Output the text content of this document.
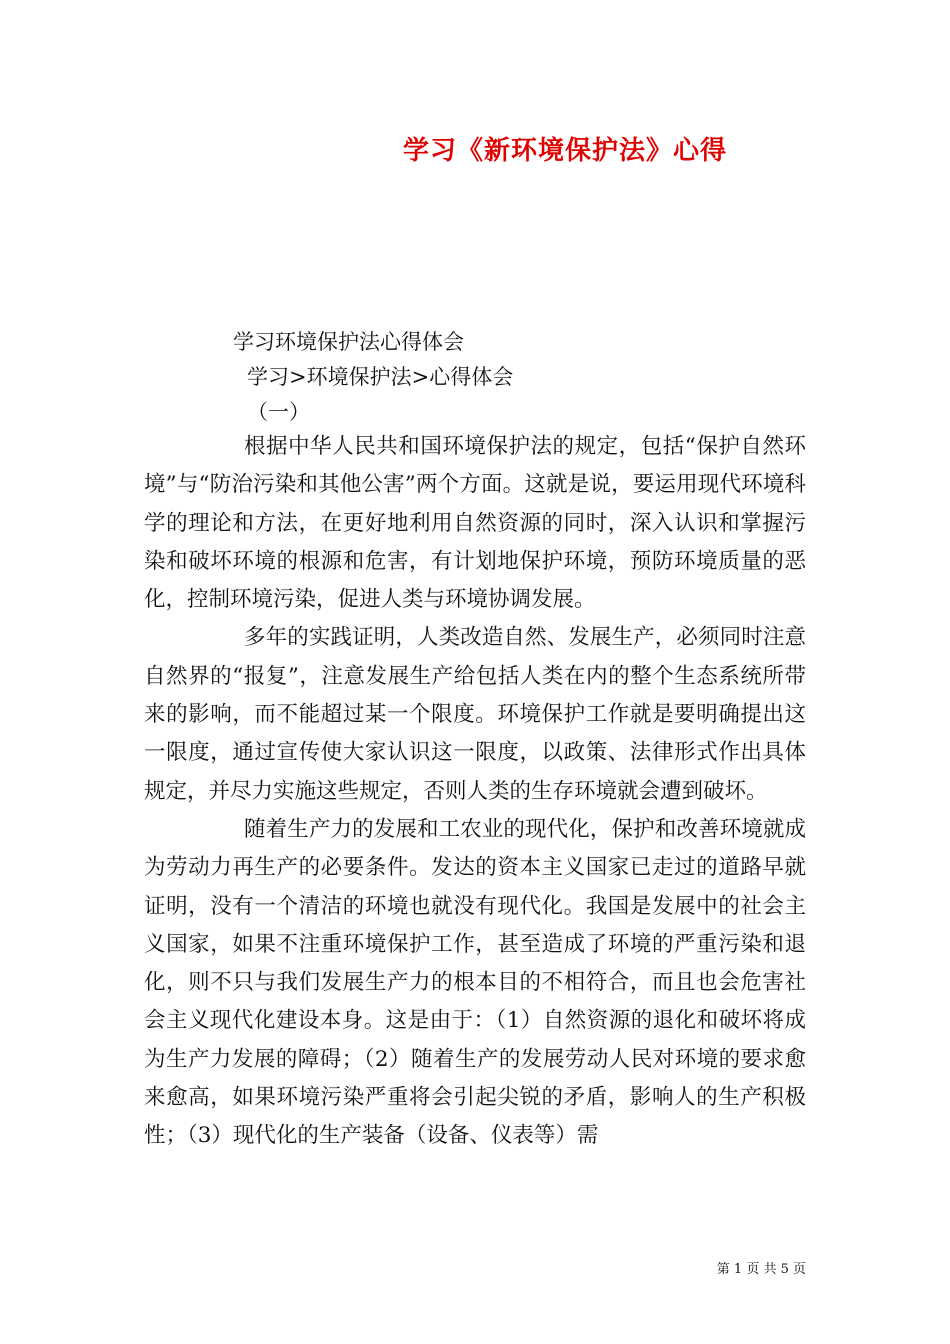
学习《新环境保护法》心得
学习环境保护法心得体会
学习>环境保护法>心得体会
（一）

根据中华人民共和国环境保护法的规定，包括“保护自然环境”与“防治污染和其他公害”两个方面。这就是说，要运用现代环境科学的理论和方法，在更好地利用自然资源的同时，深入认识和掌握污染和破坏环境的根源和危害，有计划地保护环境，预防环境质量的恶化，控制环境污染，促进人类与环境协调发展。

多年的实践证明，人类改造自然、发展生产，必须同时注意自然界的“报复”，注意发展生产给包括人类在内的整个生态系统所带来的影响，而不能超过某一个限度。环境保护工作就是要明确提出这一限度，通过宣传使大家认识这一限度，以政策、法律形式作出具体规定，并尽力实施这些规定，否则人类的生存环境就会遭到破坏。

随着生产力的发展和工农业的现代化，保护和改善环境就成为劳动力再生产的必要条件。发达的资本主义国家已走过的道路早就证明，没有一个清洁的环境也就没有现代化。我国是发展中的社会主义国家，如果不注重环境保护工作，甚至造成了环境的严重污染和退化，则不只与我们发展生产力的根本目的不相符合，而且也会危害社会主义现代化建设本身。这是由于：（1）自然资源的退化和破坏将成为生产力发展的障碍；（2）随着生产的发展劳动人民对环境的要求愈来愈高，如果环境污染严重将会引起尖锐的矛盾，影响人的生产积极性；（3）现代化的生产装备（设备、仪表等）需

第 1 页 共 5 页
